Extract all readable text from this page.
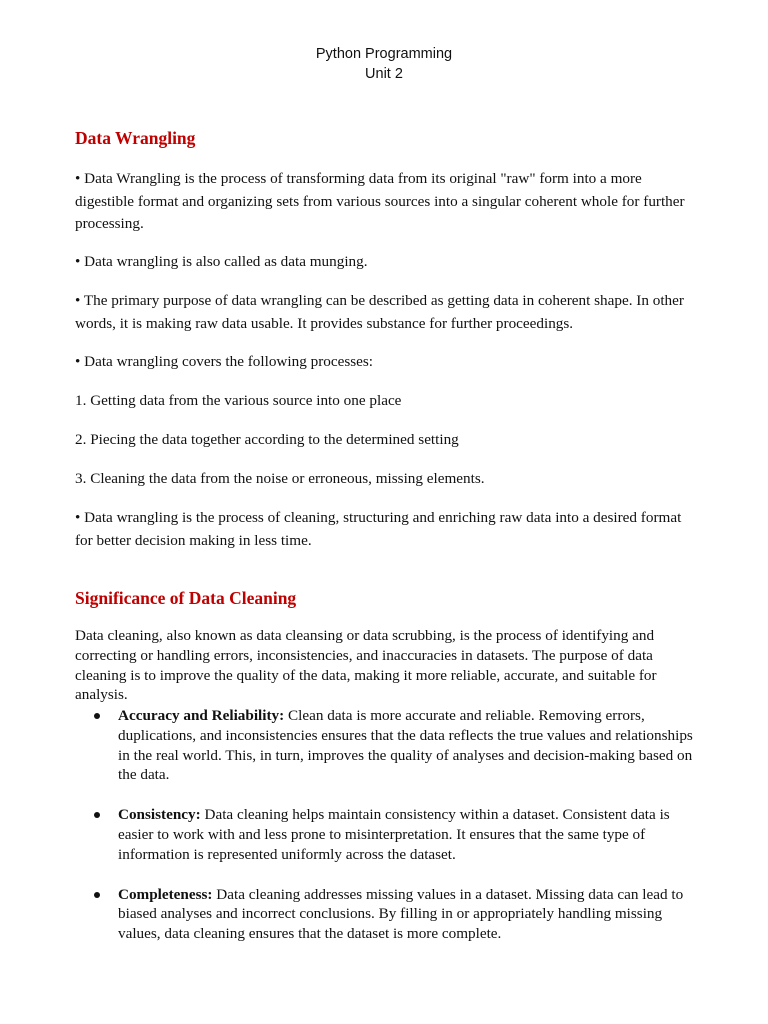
Python Programming
Unit 2
Data Wrangling

• Data Wrangling is the process of transforming data from its original "raw" form into a more digestible format and organizing sets from various sources into a singular coherent whole for further processing.

• Data wrangling is also called as data munging.

• The primary purpose of data wrangling can be described as getting data in coherent shape. In other words, it is making raw data usable. It provides substance for further proceedings.

• Data wrangling covers the following processes:

1. Getting data from the various source into one place

2. Piecing the data together according to the determined setting

3. Cleaning the data from the noise or erroneous, missing elements.

• Data wrangling is the process of cleaning, structuring and enriching raw data into a desired format for better decision making in less time.

Significance of Data Cleaning

Data cleaning, also known as data cleansing or data scrubbing, is the process of identifying and correcting or handling errors, inconsistencies, and inaccuracies in datasets. The purpose of data cleaning is to improve the quality of the data, making it more reliable, accurate, and suitable for analysis.

Accuracy and Reliability: Clean data is more accurate and reliable. Removing errors, duplications, and inconsistencies ensures that the data reflects the true values and relationships in the real world. This, in turn, improves the quality of analyses and decision-making based on the data.
Consistency: Data cleaning helps maintain consistency within a dataset. Consistent data is easier to work with and less prone to misinterpretation. It ensures that the same type of information is represented uniformly across the dataset.
Completeness: Data cleaning addresses missing values in a dataset. Missing data can lead to biased analyses and incorrect conclusions. By filling in or appropriately handling missing values, data cleaning ensures that the dataset is more complete.
